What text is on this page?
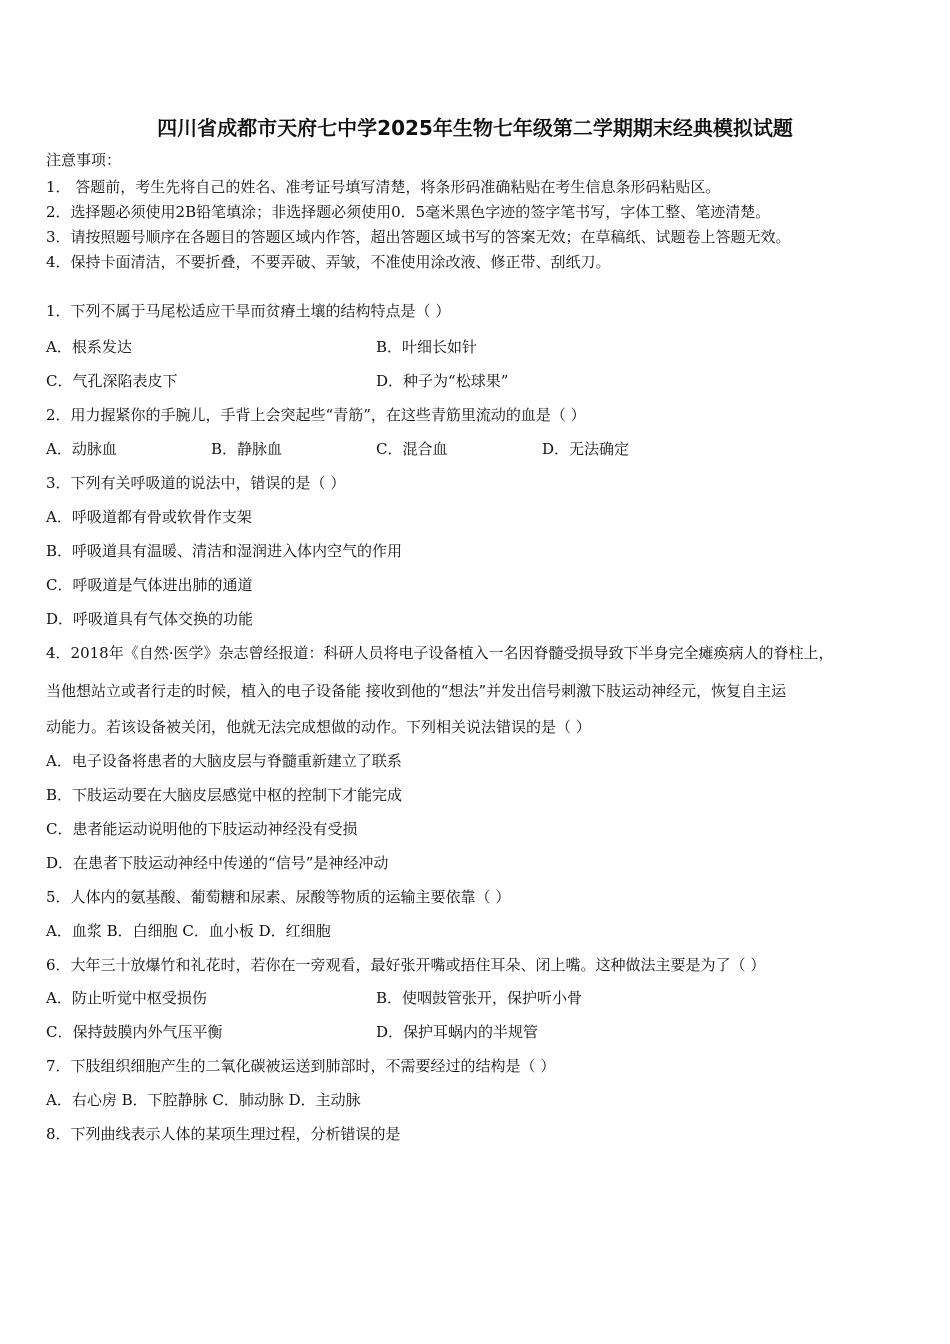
四川省成都市天府七中学2025年生物七年级第二学期期末经典模拟试题
注意事项：
1． 答题前，考生先将自己的姓名、准考证号填写清楚，将条形码准确粘贴在考生信息条形码粘贴区。
2．选择题必须使用2B铅笔填涂；非选择题必须使用0．5毫米黑色字迹的签字笔书写，字体工整、笔迹清楚。
3．请按照题号顺序在各题目的答题区域内作答，超出答题区域书写的答案无效；在草稿纸、试题卷上答题无效。
4．保持卡面清洁，不要折叠，不要弄破、弄皱，不准使用涂改液、修正带、刮纸刀。
1．下列不属于马尾松适应干旱而贫瘠土壤的结构特点是（ ）
A．根系发达	B．叶细长如针
C．气孔深陷表皮下	D．种子为“松球果”
2．用力握紧你的手腕儿，手背上会突起些“青筋”，在这些青筋里流动的血是（ ）
A．动脉血	B．静脉血	C．混合血	D．无法确定
3．下列有关呼吸道的说法中，错误的是（ ）
A．呼吸道都有骨或软骨作支架
B．呼吸道具有温暖、清洁和湿润进入体内空气的作用
C．呼吸道是气体进出肺的通道
D．呼吸道具有气体交换的功能
4．2018年《自然·医学》杂志曾经报道：科研人员将电子设备植入一名因脊髓受损导致下半身完全瘫痪病人的脊柱上，
当他想站立或者行走的时候，植入的电子设备能 接收到他的“想法”并发出信号刺激下肢运动神经元，恢复自主运
动能力。若该设备被关闭，他就无法完成想做的动作。下列相关说法错误的是（ ）
A．电子设备将患者的大脑皮层与脊髓重新建立了联系
B．下肢运动要在大脑皮层感觉中枢的控制下才能完成
C．患者能运动说明他的下肢运动神经没有受损
D．在患者下肢运动神经中传递的“信号”是神经冲动
5．人体内的氨基酸、葡萄糖和尿素、尿酸等物质的运输主要依靠（ ）
A．血浆 B．白细胞 C．血小板 D．红细胞
6．大年三十放爆竹和礼花时，若你在一旁观看，最好张开嘴或捂住耳朵、闭上嘴。这种做法主要是为了（ ）
A．防止听觉中枢受损伤	B．使咽鼓管张开，保护听小骨
C．保持鼓膜内外气压平衡	D．保护耳蜗内的半规管
7．下肢组织细胞产生的二氧化碳被运送到肺部时，不需要经过的结构是（ ）
A．右心房 B．下腔静脉 C．肺动脉 D．主动脉
8．下列曲线表示人体的某项生理过程，分析错误的是
